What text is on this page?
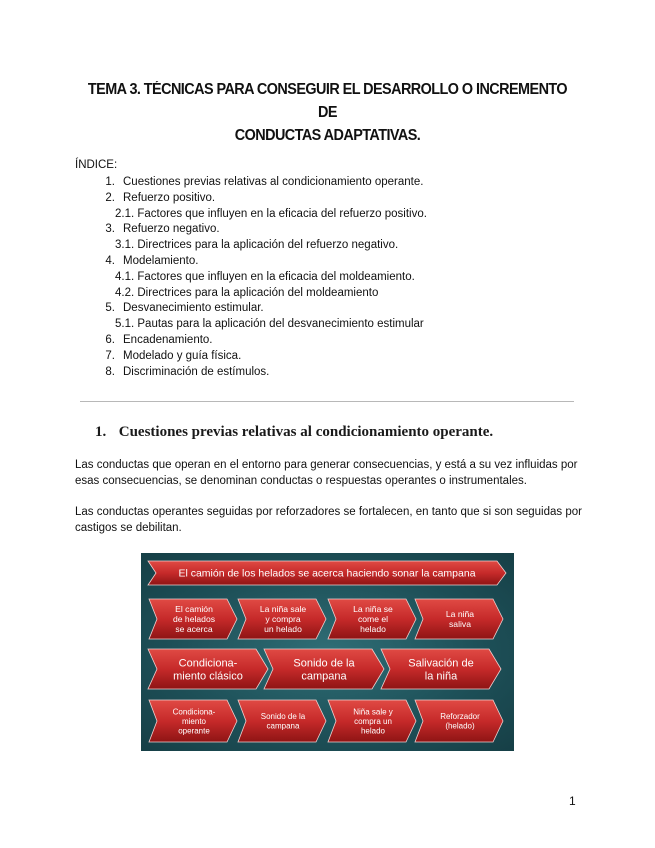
TEMA 3. TÉCNICAS PARA CONSEGUIR EL DESARROLLO O INCREMENTO DE
CONDUCTAS ADAPTATIVAS.
ÍNDICE:
1. Cuestiones previas relativas al condicionamiento operante.
2. Refuerzo positivo.
2.1. Factores que influyen en la eficacia del refuerzo positivo.
3. Refuerzo negativo.
3.1. Directrices para la aplicación del refuerzo negativo.
4. Modelamiento.
4.1. Factores que influyen en la eficacia del moldeamiento.
4.2. Directrices para la aplicación del moldeamiento
5. Desvanecimiento estimular.
5.1. Pautas para la aplicación del desvanecimiento estimular
6. Encadenamiento.
7. Modelado y guía física.
8. Discriminación de estímulos.
1. Cuestiones previas relativas al condicionamiento operante.
Las conductas que operan en el entorno para generar consecuencias, y está a su vez influidas por esas consecuencias, se denominan conductas o respuestas operantes o instrumentales.
Las conductas operantes seguidas por reforzadores se fortalecen, en tanto que si son seguidas por castigos se debilitan.
El camión de los helados se acerca haciendo sonar la campana
El camión de helados se acerca
La niña sale y compra un helado
La niña se come el helado
La niña saliva
Condiciona-miento clásico
Sonido de la campana
Salivación de la niña
Condiciona-miento operante
Sonido de la campana
Niña sale y compra un helado
Reforzador (helado)
1
